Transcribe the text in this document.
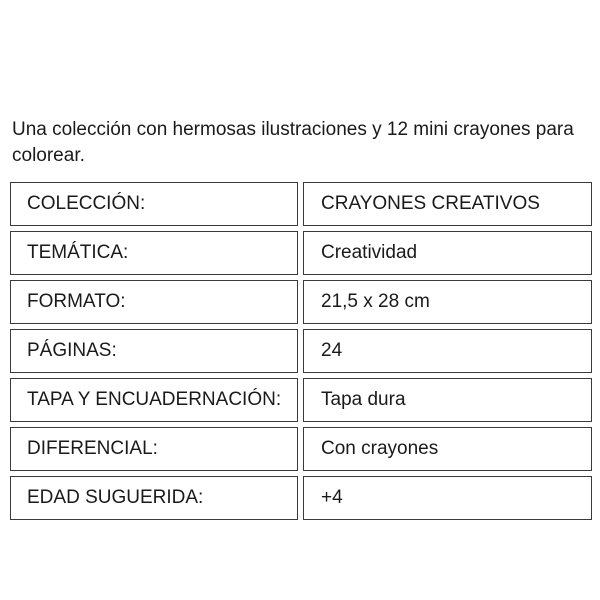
Una colección con hermosas ilustraciones y 12 mini crayones para colorear.

COLECCIÓN:	CRAYONES CREATIVOS
TEMÁTICA:	Creatividad
FORMATO:	21,5 x 28 cm
PÁGINAS:	24
TAPA Y ENCUADERNACIÓN:	Tapa dura
DIFERENCIAL:	Con crayones
EDAD SUGUERIDA:	+4
